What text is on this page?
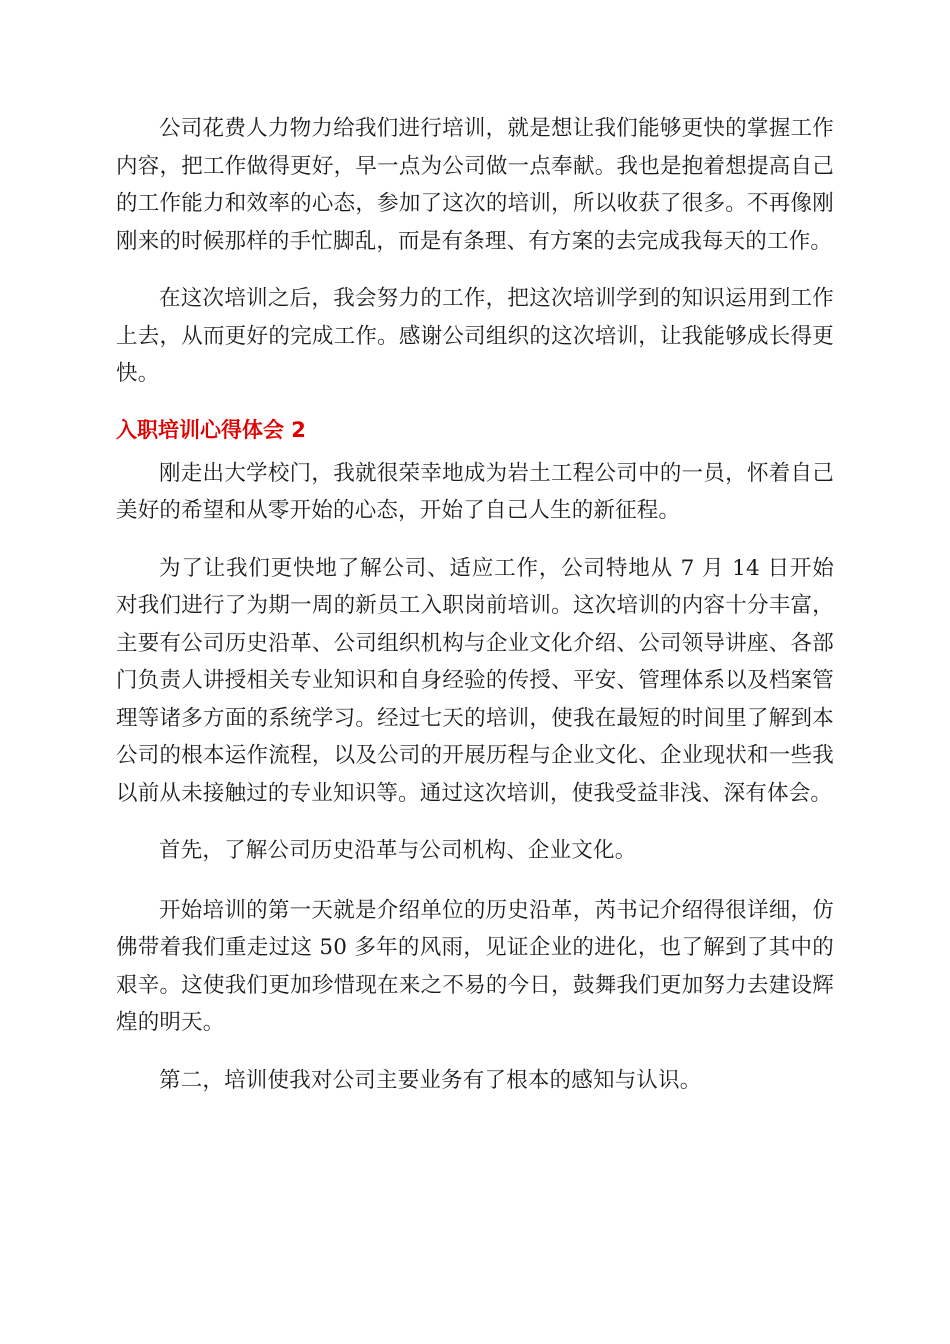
公司花费人力物力给我们进行培训，就是想让我们能够更快的掌握工作内容，把工作做得更好，早一点为公司做一点奉献。我也是抱着想提高自己的工作能力和效率的心态，参加了这次的培训，所以收获了很多。不再像刚刚来的时候那样的手忙脚乱，而是有条理、有方案的去完成我每天的工作。

在这次培训之后，我会努力的工作，把这次培训学到的知识运用到工作上去，从而更好的完成工作。感谢公司组织的这次培训，让我能够成长得更快。

入职培训心得体会 2

刚走出大学校门，我就很荣幸地成为岩土工程公司中的一员，怀着自己美好的希望和从零开始的心态，开始了自己人生的新征程。

为了让我们更快地了解公司、适应工作，公司特地从 7 月 14 日开始对我们进行了为期一周的新员工入职岗前培训。这次培训的内容十分丰富，主要有公司历史沿革、公司组织机构与企业文化介绍、公司领导讲座、各部门负责人讲授相关专业知识和自身经验的传授、平安、管理体系以及档案管理等诸多方面的系统学习。经过七天的培训，使我在最短的时间里了解到本公司的根本运作流程，以及公司的开展历程与企业文化、企业现状和一些我以前从未接触过的专业知识等。通过这次培训，使我受益非浅、深有体会。

首先，了解公司历史沿革与公司机构、企业文化。

开始培训的第一天就是介绍单位的历史沿革，芮书记介绍得很详细，仿佛带着我们重走过这 50 多年的风雨，见证企业的进化，也了解到了其中的艰辛。这使我们更加珍惜现在来之不易的今日，鼓舞我们更加努力去建设辉煌的明天。

第二，培训使我对公司主要业务有了根本的感知与认识。
